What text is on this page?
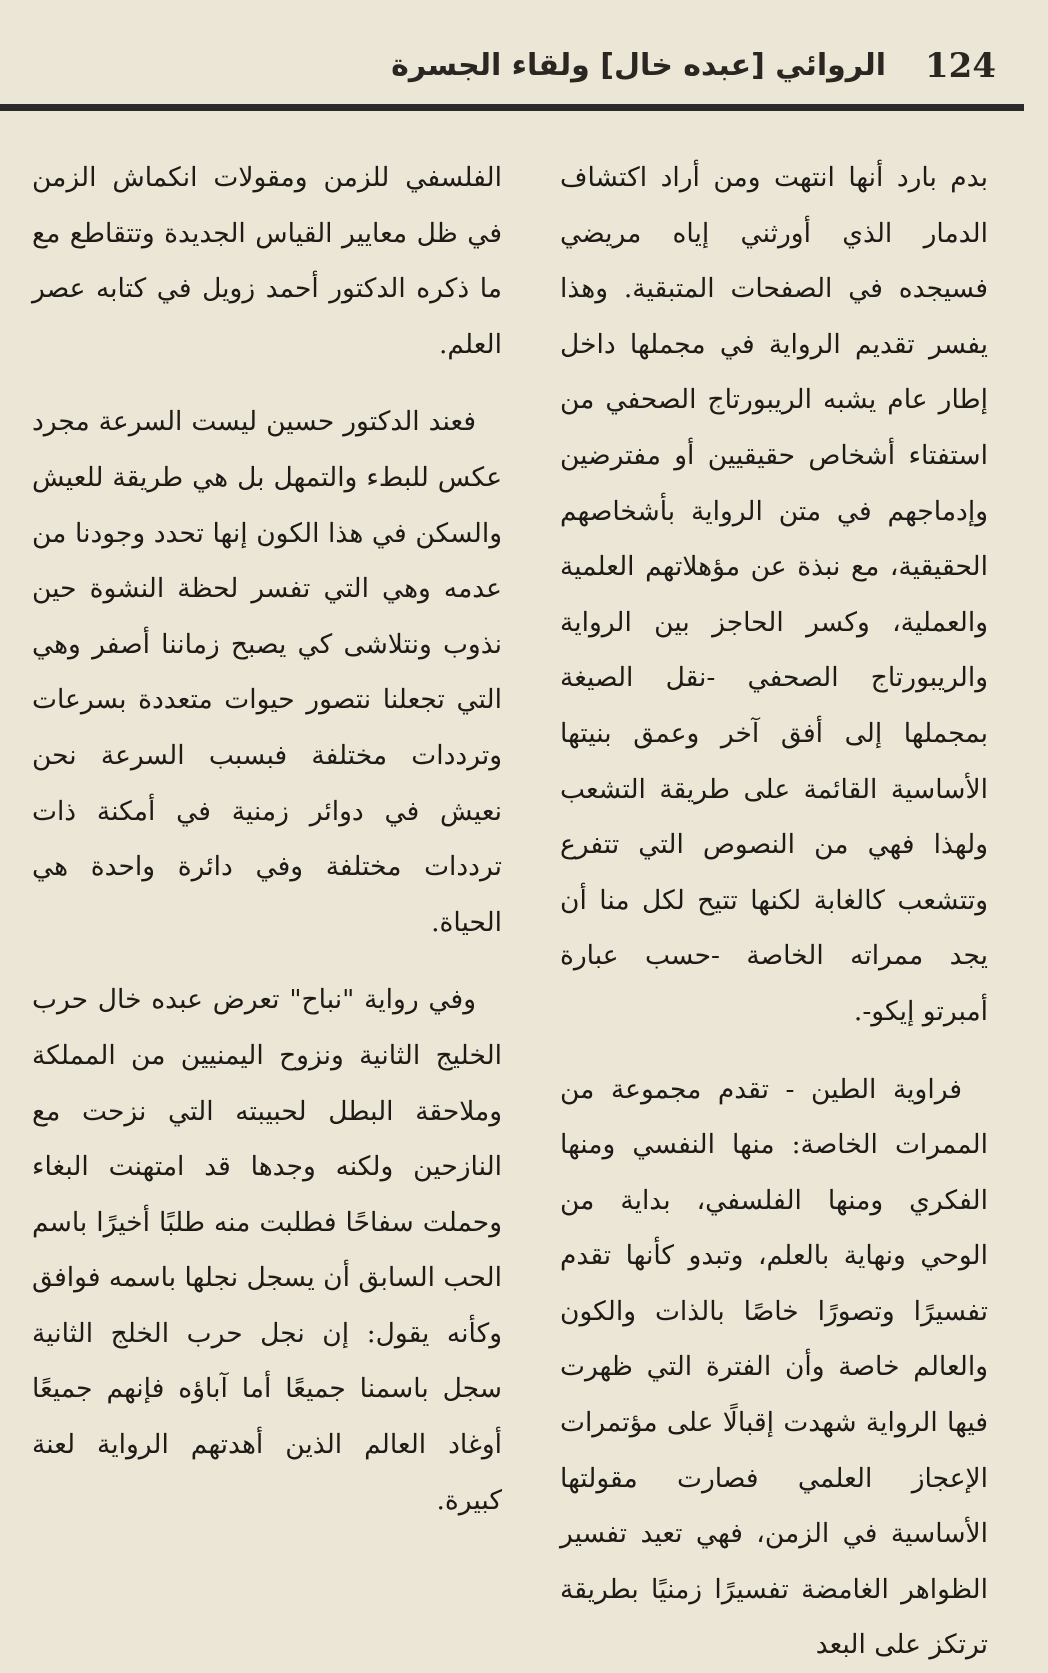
124
الروائي [عبده خال] ولقاء الجسرة

بدم بارد أنها انتهت ومن أراد اكتشاف الدمار الذي أورثني إياه مريضي فسيجده في الصفحات المتبقية. وهذا يفسر تقديم الرواية في مجملها داخل إطار عام يشبه الريبورتاج الصحفي من استفتاء أشخاص حقيقيين أو مفترضين وإدماجهم في متن الرواية بأشخاصهم الحقيقية، مع نبذة عن مؤهلاتهم العلمية والعملية، وكسر الحاجز بين الرواية والريبورتاج الصحفي -نقل الصيغة بمجملها إلى أفق آخر وعمق بنيتها الأساسية القائمة على طريقة التشعب ولهذا فهي من النصوص التي تتفرع وتتشعب كالغابة لكنها تتيح لكل منا أن يجد ممراته الخاصة -حسب عبارة أمبرتو إيكو-.

فراوية الطين - تقدم مجموعة من الممرات الخاصة: منها النفسي ومنها الفكري ومنها الفلسفي، بداية من الوحي ونهاية بالعلم، وتبدو كأنها تقدم تفسيرًا وتصورًا خاصًا بالذات والكون والعالم خاصة وأن الفترة التي ظهرت فيها الرواية شهدت إقبالًا على مؤتمرات الإعجاز العلمي فصارت مقولتها الأساسية في الزمن، فهي تعيد تفسير الظواهر الغامضة تفسيرًا زمنيًا بطريقة ترتكز على البعد

الفلسفي للزمن ومقولات انكماش الزمن في ظل معايير القياس الجديدة وتتقاطع مع ما ذكره الدكتور أحمد زويل في كتابه عصر العلم.

فعند الدكتور حسين ليست السرعة مجرد عكس للبطء والتمهل بل هي طريقة للعيش والسكن في هذا الكون إنها تحدد وجودنا من عدمه وهي التي تفسر لحظة النشوة حين نذوب ونتلاشى كي يصبح زماننا أصفر وهي التي تجعلنا نتصور حيوات متعددة بسرعات وترددات مختلفة فبسبب السرعة نحن نعيش في دوائر زمنية في أمكنة ذات ترددات مختلفة وفي دائرة واحدة هي الحياة.

وفي رواية "نباح" تعرض عبده خال حرب الخليج الثانية ونزوح اليمنيين من المملكة وملاحقة البطل لحبيبته التي نزحت مع النازحين ولكنه وجدها قد امتهنت البغاء وحملت سفاحًا فطلبت منه طلبًا أخيرًا باسم الحب السابق أن يسجل نجلها باسمه فوافق وكأنه يقول: إن نجل حرب الخلج الثانية سجل باسمنا جميعًا أما آباؤه فإنهم جميعًا أوغاد العالم الذين أهدتهم الرواية لعنة كبيرة.
